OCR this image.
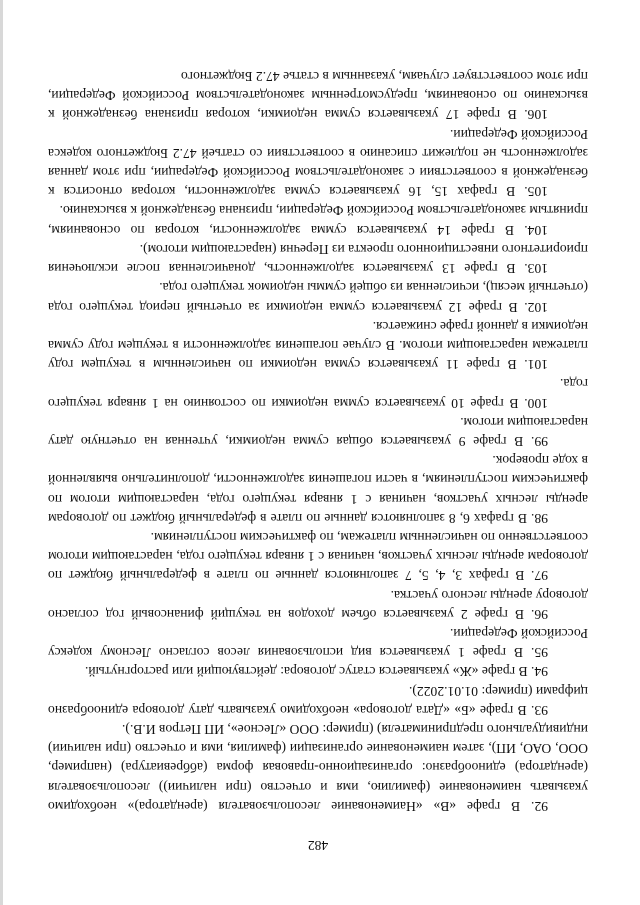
482

92. В графе «В» «Наименование лесопользователя (арендатора)» необходимо указывать наименование (фамилию, имя и отчество (при наличии)) лесопользователя (арендатора) единообразно: организационно-правовая форма (аббревиатура) (например, ООО, ОАО, ИП), затем наименование организации (фамилия, имя и отчество (при наличии) индивидуального предпринимателя) (пример: ООО «Лесное», ИП Петров И.В.).

93. В графе «Б» «Дата договора» необходимо указывать дату договора единообразно цифрами (пример: 01.01.2022).

94. В графе «Ж» указывается статус договора: действующий или расторгнутый.

95. В графе 1 указывается вид использования лесов согласно Лесному кодексу Российской Федерации.

96. В графе 2 указывается объем доходов на текущий финансовый год согласно договору аренды лесного участка.

97. В графах 3, 4, 5, 7 заполняются данные по плате в федеральный бюджет по договорам аренды лесных участков, начиная с 1 января текущего года, нарастающим итогом соответственно по начисленным платежам, по фактическим поступлениям.

98. В графах 6, 8 заполняются данные по плате в федеральный бюджет по договорам аренды лесных участков, начиная с 1 января текущего года, нарастающим итогом по фактическим поступлениям, в части погашения задолженности, дополнительно выявленной в ходе проверок.

99. В графе 9 указывается общая сумма недоимки, учтенная на отчетную дату нарастающим итогом.

100. В графе 10 указывается сумма недоимки по состоянию на 1 января текущего года.

101. В графе 11 указывается сумма недоимки по начисленным в текущем году платежам нарастающим итогом. В случае погашения задолженности в текущем году сумма недоимки в данной графе снижается.

102. В графе 12 указывается сумма недоимки за отчетный период текущего года (отчетный месяц), исчисленная из общей суммы недоимок текущего года.

103. В графе 13 указывается задолженность, доначисленная после исключения приоритетного инвестиционного проекта из Перечня (нарастающим итогом).

104. В графе 14 указывается сумма задолженности, которая по основаниям, принятым законодательством Российской Федерации, признана безнадежной к взысканию.

105. В графах 15, 16 указывается сумма задолженности, которая относится к безнадежной в соответствии с законодательством Российской Федерации, при этом данная задолженность не подлежит списанию в соответствии со статьей 47.2 Бюджетного кодекса Российской Федерации.

106. В графе 17 указывается сумма недоимки, которая признана безнадежной к взысканию по основаниям, предусмотренным законодательством Российской Федерации, при этом соответствует случаям, указанным в статье 47.2 Бюджетного
